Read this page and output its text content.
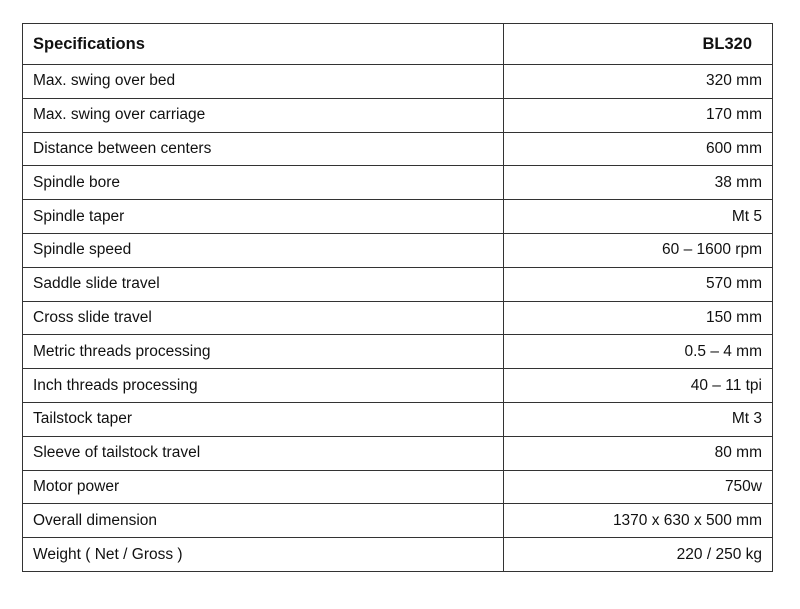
Specifications	BL320
Max. swing over bed	320 mm
Max. swing over carriage	170 mm
Distance between centers	600 mm
Spindle bore	38 mm
Spindle taper	Mt 5
Spindle speed	60 – 1600 rpm
Saddle slide travel	570 mm
Cross slide travel	150 mm
Metric threads processing	0.5 – 4 mm
Inch threads processing	40 – 11 tpi
Tailstock taper	Mt 3
Sleeve of tailstock travel	80 mm
Motor power	750w
Overall dimension	1370 x 630 x 500 mm
Weight ( Net / Gross )	220 / 250 kg
